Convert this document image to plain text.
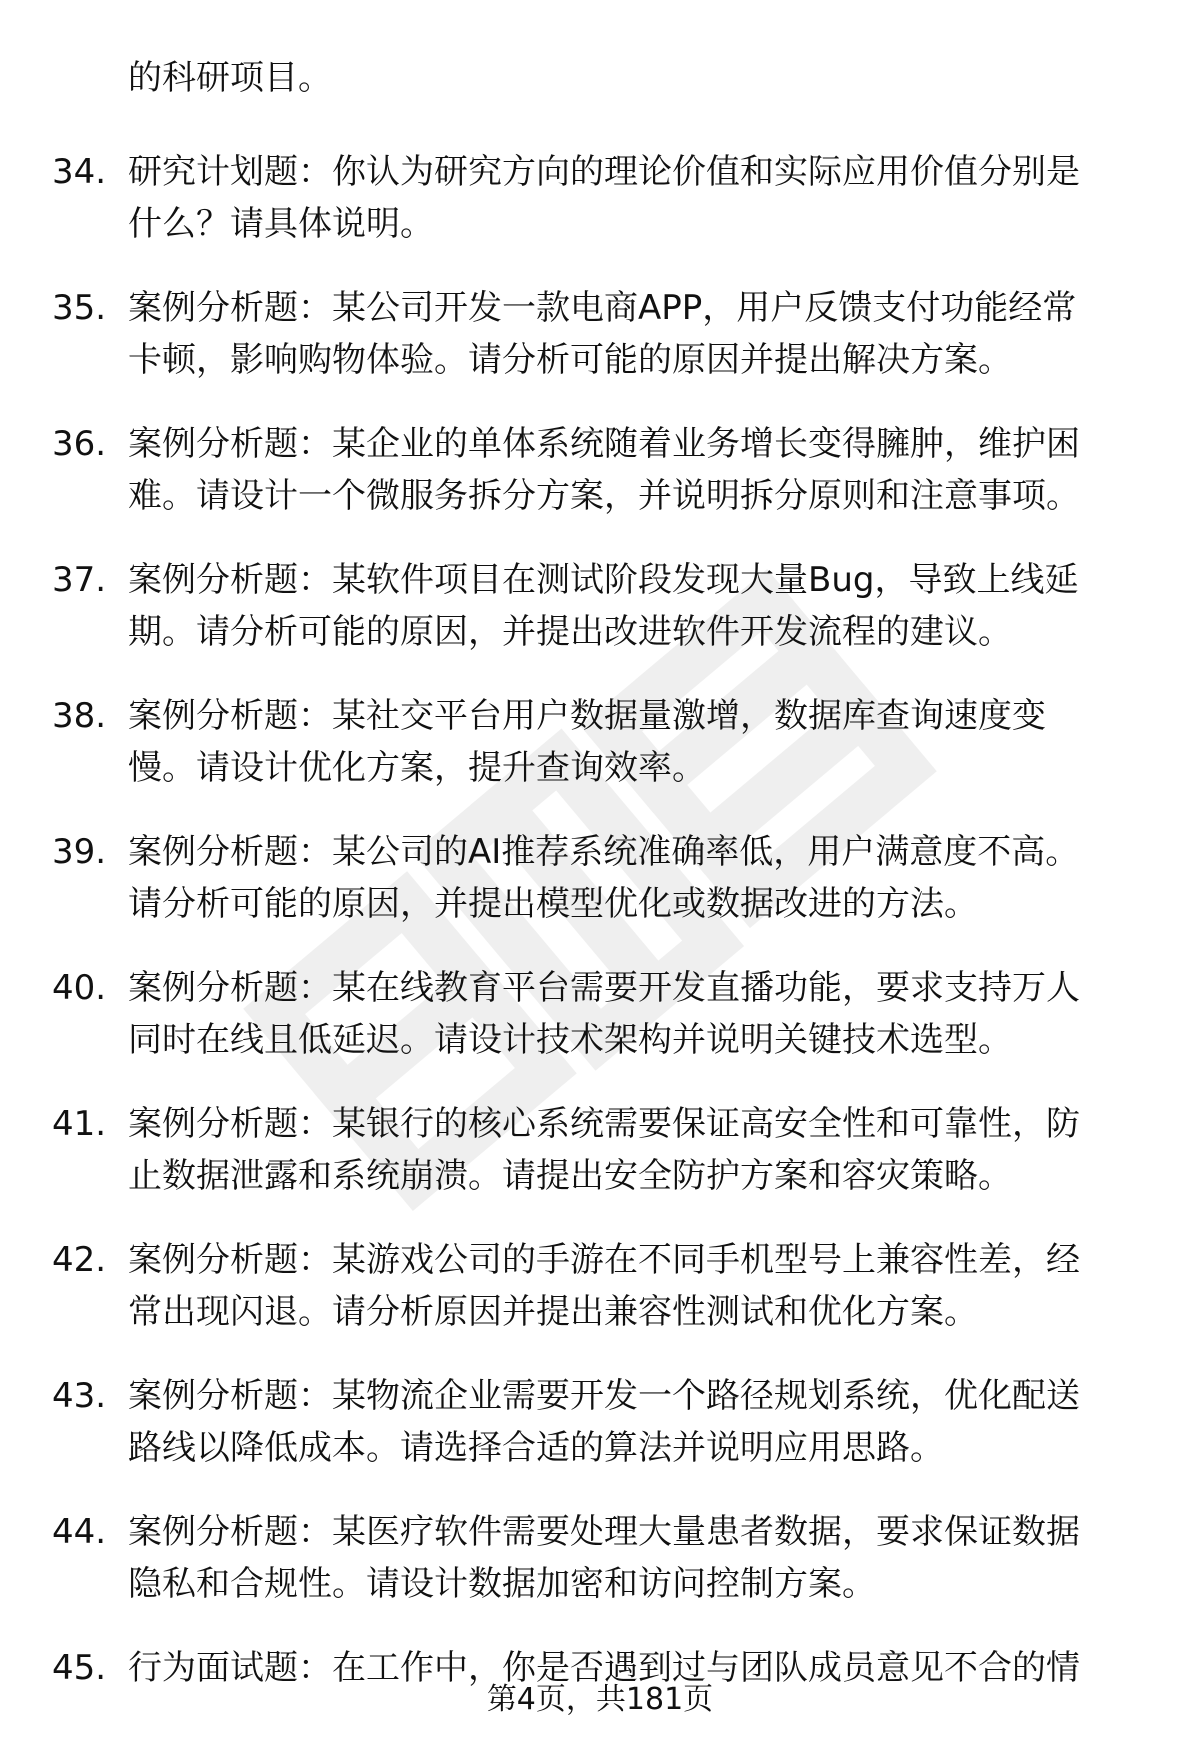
的科研项目。
34. 研究计划题：你认为研究方向的理论价值和实际应用价值分别是
什么？请具体说明。
35. 案例分析题：某公司开发一款电商APP，用户反馈支付功能经常
卡顿，影响购物体验。请分析可能的原因并提出解决方案。
36. 案例分析题：某企业的单体系统随着业务增长变得臃肿，维护困
难。请设计一个微服务拆分方案，并说明拆分原则和注意事项。
37. 案例分析题：某软件项目在测试阶段发现大量Bug，导致上线延
期。请分析可能的原因，并提出改进软件开发流程的建议。
38. 案例分析题：某社交平台用户数据量激增，数据库查询速度变
慢。请设计优化方案，提升查询效率。
39. 案例分析题：某公司的AI推荐系统准确率低，用户满意度不高。
请分析可能的原因，并提出模型优化或数据改进的方法。
40. 案例分析题：某在线教育平台需要开发直播功能，要求支持万人
同时在线且低延迟。请设计技术架构并说明关键技术选型。
41. 案例分析题：某银行的核心系统需要保证高安全性和可靠性，防
止数据泄露和系统崩溃。请提出安全防护方案和容灾策略。
42. 案例分析题：某游戏公司的手游在不同手机型号上兼容性差，经
常出现闪退。请分析原因并提出兼容性测试和优化方案。
43. 案例分析题：某物流企业需要开发一个路径规划系统，优化配送
路线以降低成本。请选择合适的算法并说明应用思路。
44. 案例分析题：某医疗软件需要处理大量患者数据，要求保证数据
隐私和合规性。请设计数据加密和访问控制方案。
45. 行为面试题：在工作中，你是否遇到过与团队成员意见不合的情
第4页，共181页
